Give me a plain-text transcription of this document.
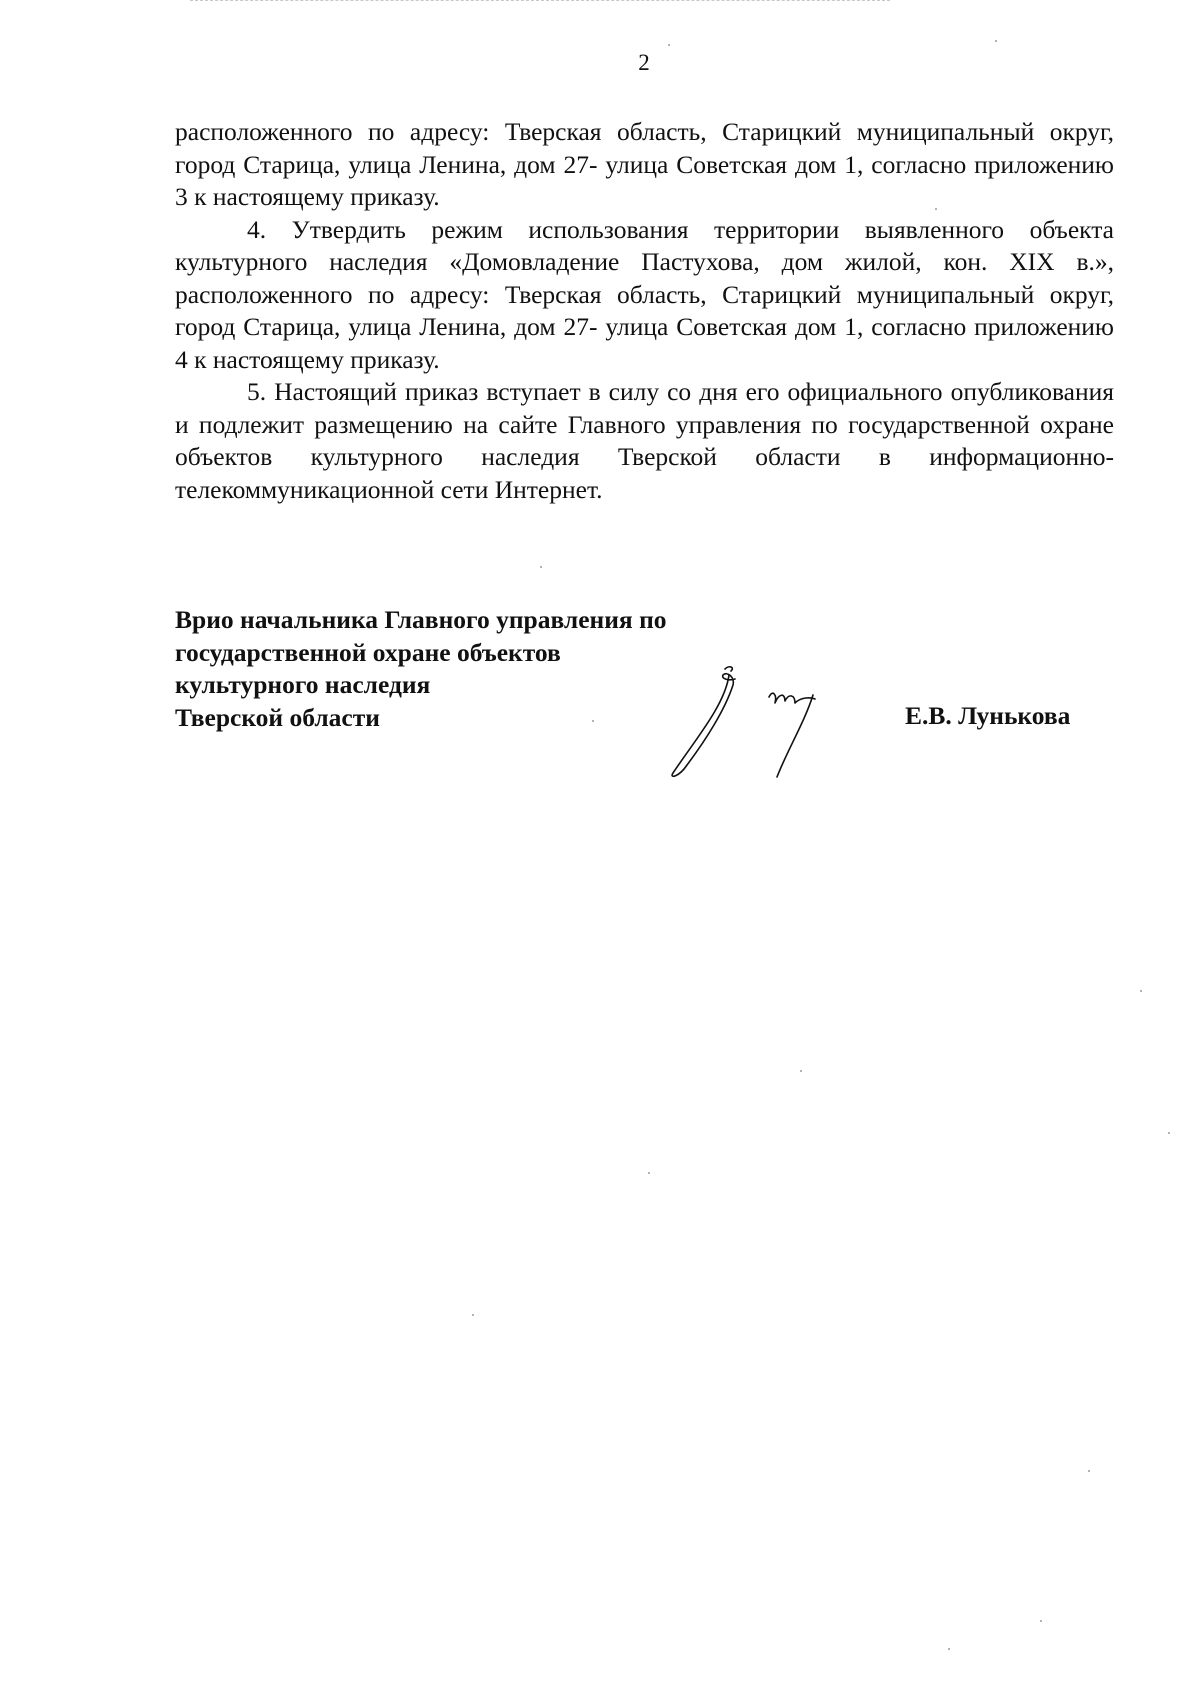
2

расположенного по адресу: Тверская область, Старицкий муниципальный округ, город Старица, улица Ленина, дом 27- улица Советская дом 1, согласно приложению 3 к настоящему приказу.

4. Утвердить режим использования территории выявленного объекта культурного наследия «Домовладение Пастухова, дом жилой, кон. XIX в.», расположенного по адресу: Тверская область, Старицкий муниципальный округ, город Старица, улица Ленина, дом 27- улица Советская дом 1, согласно приложению 4 к настоящему приказу.

5. Настоящий приказ вступает в силу со дня его официального опубликования и подлежит размещению на сайте Главного управления по государственной охране объектов культурного наследия Тверской области в информационно-телекоммуникационной сети Интернет.

Врио начальника Главного управления по
государственной охране объектов
культурного наследия
Тверской области	Е.В. Лунькова
